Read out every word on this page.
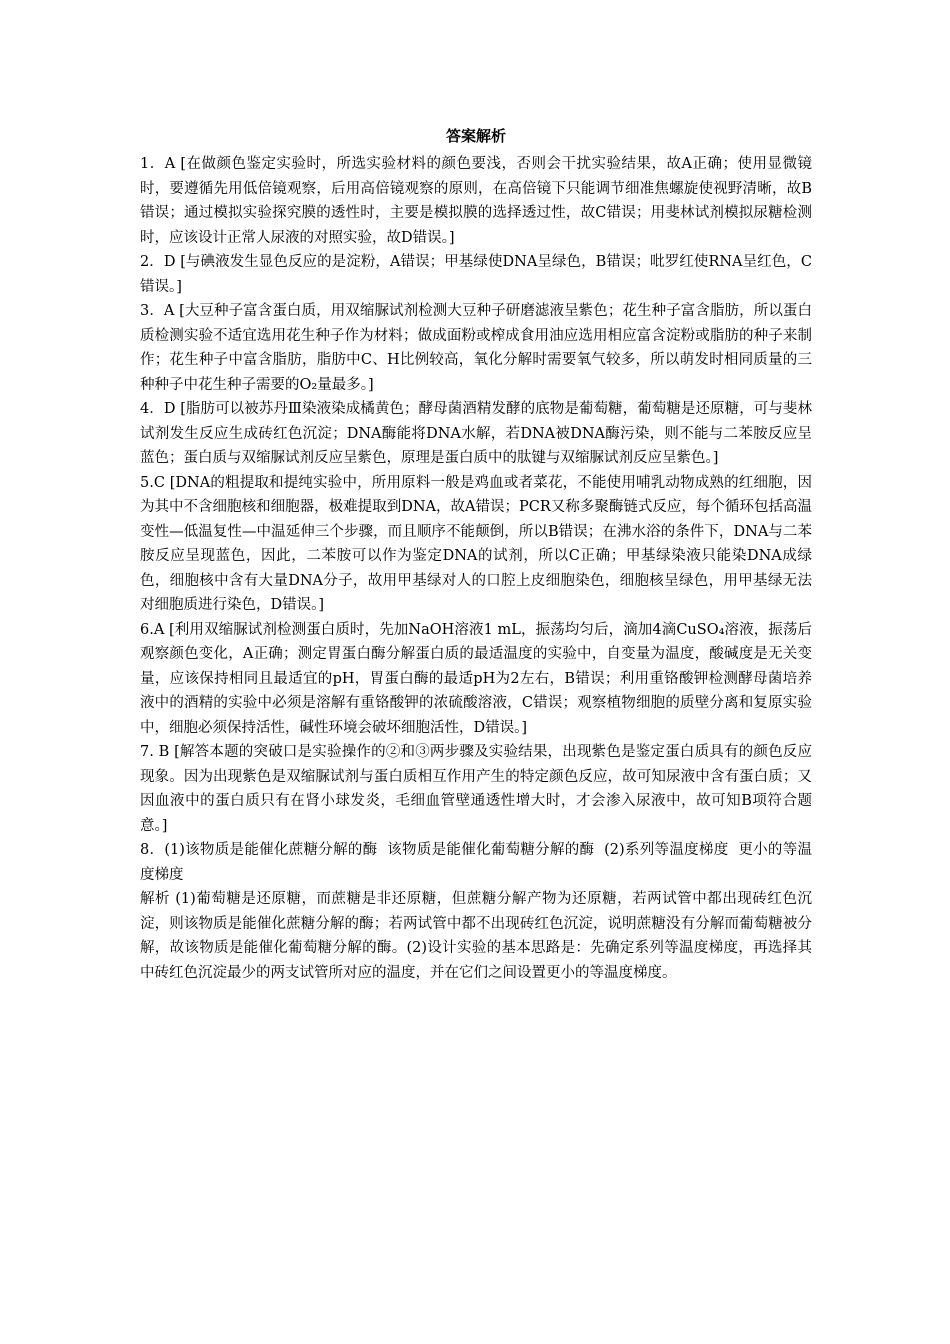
答案解析

1．A [在做颜色鉴定实验时，所选实验材料的颜色要浅，否则会干扰实验结果，故A正确；使用显微镜时，要遵循先用低倍镜观察，后用高倍镜观察的原则，在高倍镜下只能调节细准焦螺旋使视野清晰，故B错误；通过模拟实验探究膜的透性时，主要是模拟膜的选择透过性，故C错误；用斐林试剂模拟尿糖检测时，应该设计正常人尿液的对照实验，故D错误。]

2．D [与碘液发生显色反应的是淀粉，A错误；甲基绿使DNA呈绿色，B错误；吡罗红使RNA呈红色，C错误。]

3．A [大豆种子富含蛋白质，用双缩脲试剂检测大豆种子研磨滤液呈紫色；花生种子富含脂肪，所以蛋白质检测实验不适宜选用花生种子作为材料；做成面粉或榨成食用油应选用相应富含淀粉或脂肪的种子来制作；花生种子中富含脂肪，脂肪中C、H比例较高，氧化分解时需要氧气较多，所以萌发时相同质量的三种种子中花生种子需要的O₂量最多。]

4．D [脂肪可以被苏丹Ⅲ染液染成橘黄色；酵母菌酒精发酵的底物是葡萄糖，葡萄糖是还原糖，可与斐林试剂发生反应生成砖红色沉淀；DNA酶能将DNA水解，若DNA被DNA酶污染，则不能与二苯胺反应呈蓝色；蛋白质与双缩脲试剂反应呈紫色，原理是蛋白质中的肽键与双缩脲试剂反应呈紫色。]

5.C [DNA的粗提取和提纯实验中，所用原料一般是鸡血或者菜花，不能使用哺乳动物成熟的红细胞，因为其中不含细胞核和细胞器，极难提取到DNA，故A错误；PCR又称多聚酶链式反应，每个循环包括高温变性—低温复性—中温延伸三个步骤，而且顺序不能颠倒，所以B错误；在沸水浴的条件下，DNA与二苯胺反应呈现蓝色，因此，二苯胺可以作为鉴定DNA的试剂，所以C正确；甲基绿染液只能染DNA成绿色，细胞核中含有大量DNA分子，故用甲基绿对人的口腔上皮细胞染色，细胞核呈绿色，用甲基绿无法对细胞质进行染色，D错误。]

6.A [利用双缩脲试剂检测蛋白质时，先加NaOH溶液1 mL，振荡均匀后，滴加4滴CuSO₄溶液，振荡后观察颜色变化，A正确；测定胃蛋白酶分解蛋白质的最适温度的实验中，自变量为温度，酸碱度是无关变量，应该保持相同且最适宜的pH，胃蛋白酶的最适pH为2左右，B错误；利用重铬酸钾检测酵母菌培养液中的酒精的实验中必须是溶解有重铬酸钾的浓硫酸溶液，C错误；观察植物细胞的质壁分离和复原实验中，细胞必须保持活性，碱性环境会破坏细胞活性，D错误。]

7. B [解答本题的突破口是实验操作的②和③两步骤及实验结果，出现紫色是鉴定蛋白质具有的颜色反应现象。因为出现紫色是双缩脲试剂与蛋白质相互作用产生的特定颜色反应，故可知尿液中含有蛋白质；又因血液中的蛋白质只有在肾小球发炎，毛细血管壁通透性增大时，才会渗入尿液中，故可知B项符合题意。]

8．(1)该物质是能催化蔗糖分解的酶  该物质是能催化葡萄糖分解的酶  (2)系列等温度梯度  更小的等温度梯度

解析 (1)葡萄糖是还原糖，而蔗糖是非还原糖，但蔗糖分解产物为还原糖，若两试管中都出现砖红色沉淀，则该物质是能催化蔗糖分解的酶；若两试管中都不出现砖红色沉淀，说明蔗糖没有分解而葡萄糖被分解，故该物质是能催化葡萄糖分解的酶。(2)设计实验的基本思路是：先确定系列等温度梯度，再选择其中砖红色沉淀最少的两支试管所对应的温度，并在它们之间设置更小的等温度梯度。
